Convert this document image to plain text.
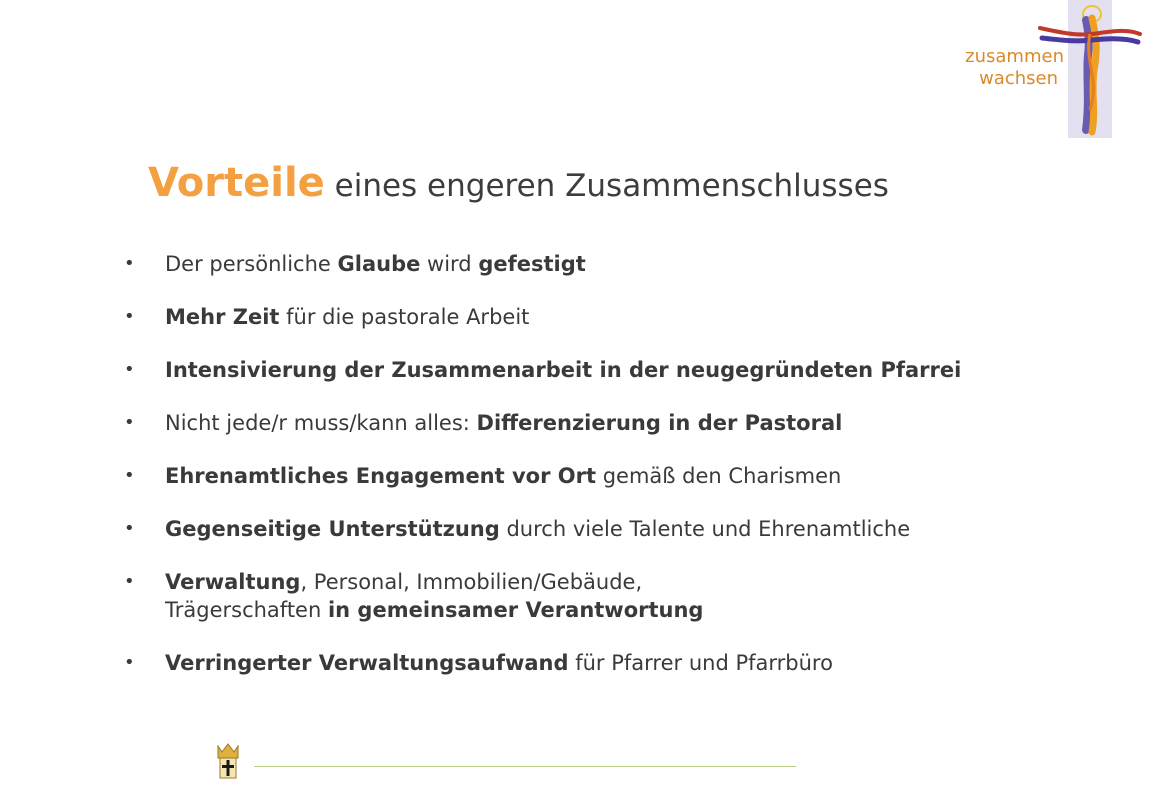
zusammen
wachsen
Vorteile eines engeren Zusammenschlusses
• Der persönliche Glaube wird gefestigt
• Mehr Zeit für die pastorale Arbeit
• Intensivierung der Zusammenarbeit in der neugegründeten Pfarrei
• Nicht jede/r muss/kann alles: Differenzierung in der Pastoral
• Ehrenamtliches Engagement vor Ort gemäß den Charismen
• Gegenseitige Unterstützung durch viele Talente und Ehrenamtliche
• Verwaltung, Personal, Immobilien/Gebäude,
Trägerschaften in gemeinsamer Verantwortung
• Verringerter Verwaltungsaufwand für Pfarrer und Pfarrbüro
